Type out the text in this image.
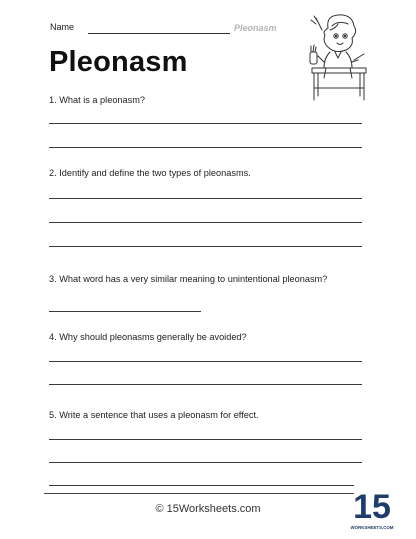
Name	Pleonasm
Pleonasm
1. What is a pleonasm?
2. Identify and define the two types of pleonasms.
3. What word has a very similar meaning to unintentional pleonasm?
4. Why should pleonasms generally be avoided?
5. Write a sentence that uses a pleonasm for effect.
© 15Worksheets.com	15
WORKSHEETS.COM
